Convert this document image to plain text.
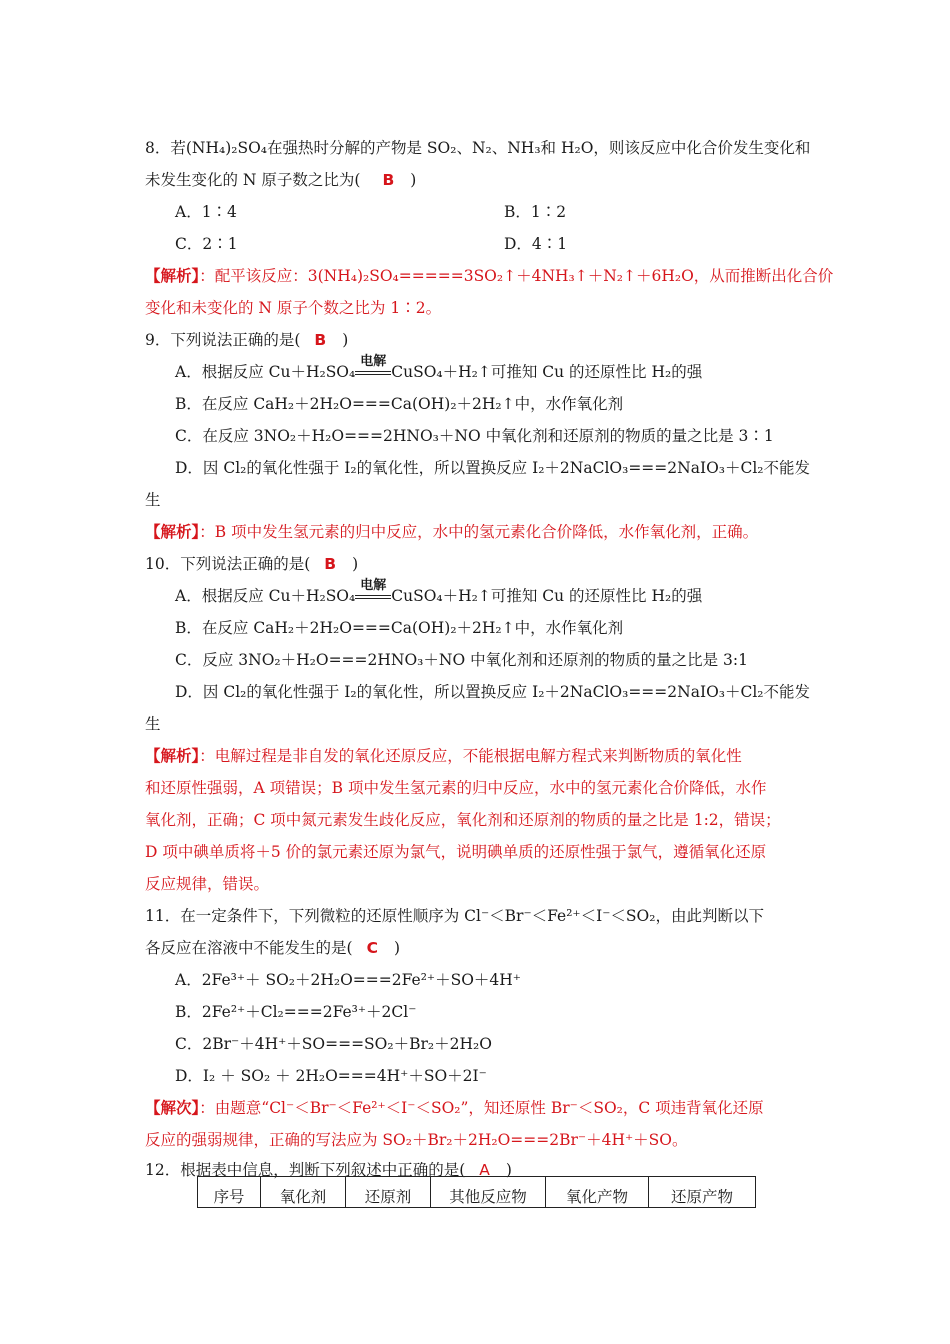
8．若(NH₄)₂SO₄在强热时分解的产物是 SO₂、N₂、NH₃和 H₂O，则该反应中化合价发生变化和
未发生变化的 N 原子数之比为( B )
A．1∶4	B．1∶2
C．2∶1	D．4∶1
【解析】：配平该反应：3(NH₄)₂SO₄=====3SO₂↑＋4NH₃↑＋N₂↑＋6H₂O，从而推断出化合价
变化和未变化的 N 原子个数之比为 1∶2。
9．下列说法正确的是( B )
A．根据反应 Cu＋H₂SO₄
电解
CuSO₄＋H₂↑可推知 Cu 的还原性比 H₂的强
B．在反应 CaH₂＋2H₂O===Ca(OH)₂＋2H₂↑中，水作氧化剂
C．在反应 3NO₂＋H₂O===2HNO₃＋NO 中氧化剂和还原剂的物质的量之比是 3∶1
D．因 Cl₂的氧化性强于 I₂的氧化性，所以置换反应 I₂＋2NaClO₃===2NaIO₃＋Cl₂不能发
生
【解析】：B 项中发生氢元素的归中反应，水中的氢元素化合价降低，水作氧化剂，正确。
10．下列说法正确的是( B )
A．根据反应 Cu＋H₂SO₄
电解
CuSO₄＋H₂↑可推知 Cu 的还原性比 H₂的强
B．在反应 CaH₂＋2H₂O===Ca(OH)₂＋2H₂↑中，水作氧化剂
C．反应 3NO₂＋H₂O===2HNO₃＋NO 中氧化剂和还原剂的物质的量之比是 3:1
D．因 Cl₂的氧化性强于 I₂的氧化性，所以置换反应 I₂＋2NaClO₃===2NaIO₃＋Cl₂不能发
生
【解析】：电解过程是非自发的氧化还原反应，不能根据电解方程式来判断物质的氧化性
和还原性强弱，A 项错误；B 项中发生氢元素的归中反应，水中的氢元素化合价降低，水作
氧化剂，正确；C 项中氮元素发生歧化反应，氧化剂和还原剂的物质的量之比是 1:2，错误；
D 项中碘单质将＋5 价的氯元素还原为氯气，说明碘单质的还原性强于氯气，遵循氧化还原
反应规律，错误。
11．在一定条件下，下列微粒的还原性顺序为 Cl⁻＜Br⁻＜Fe²⁺＜I⁻＜SO₂，由此判断以下
各反应在溶液中不能发生的是( C )
A．2Fe³⁺＋ SO₂＋2H₂O===2Fe²⁺＋SO＋4H⁺
B．2Fe²⁺＋Cl₂===2Fe³⁺＋2Cl⁻
C．2Br⁻＋4H⁺＋SO===SO₂＋Br₂＋2H₂O
D．I₂ ＋ SO₂ ＋ 2H₂O===4H⁺＋SO＋2I⁻
【解次】：由题意“Cl⁻＜Br⁻＜Fe²⁺＜I⁻＜SO₂”，知还原性 Br⁻＜SO₂，C 项违背氧化还原
反应的强弱规律，正确的写法应为 SO₂＋Br₂＋2H₂O===2Br⁻＋4H⁺＋SO。
12．根据表中信息，判断下列叙述中正确的是( A )
序号	氧化剂	还原剂	其他反应物	氧化产物	还原产物
